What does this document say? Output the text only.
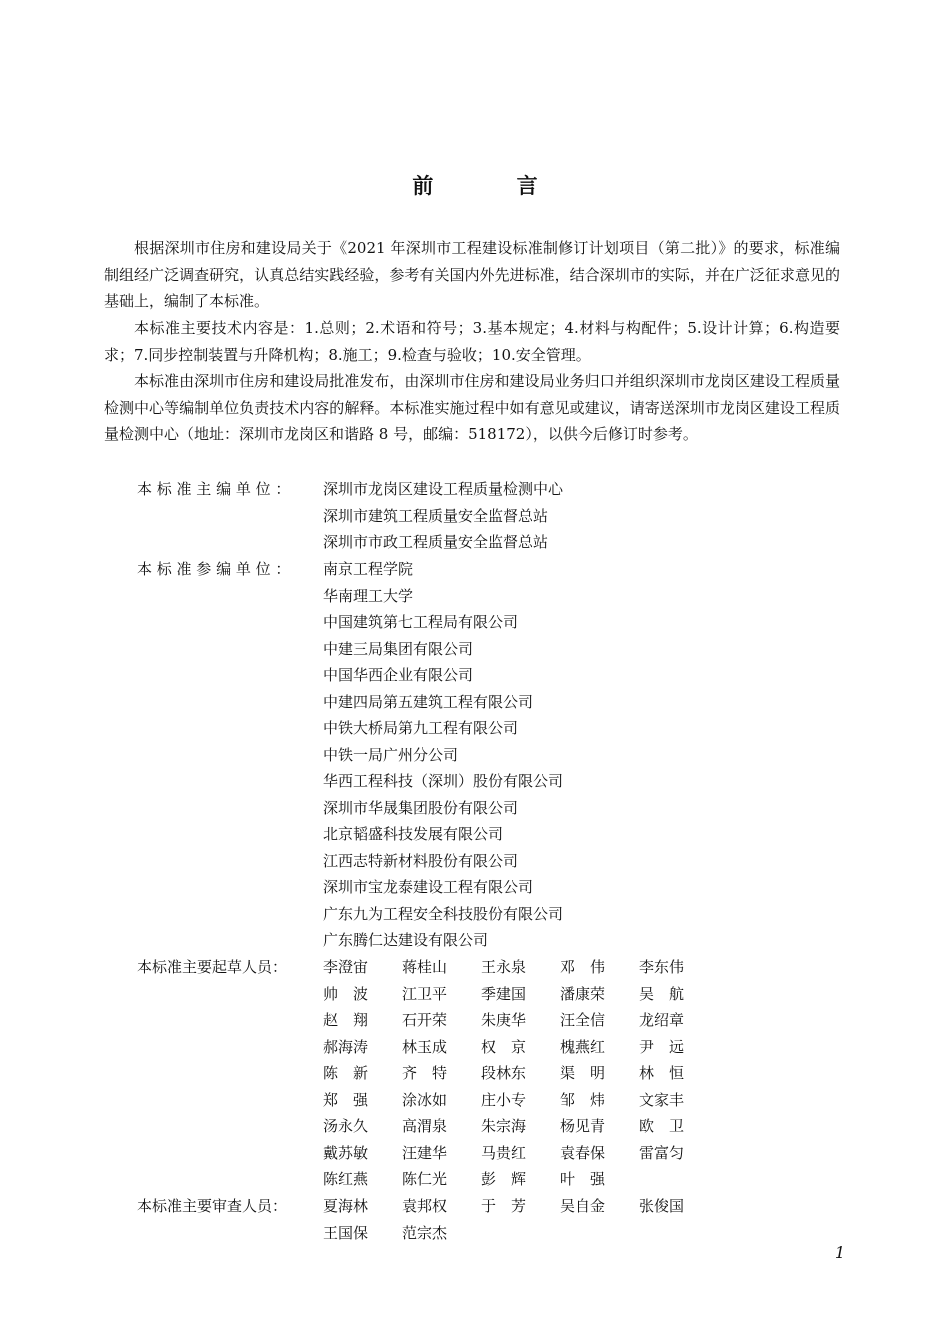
前 言

根据深圳市住房和建设局关于《2021 年深圳市工程建设标准制修订计划项目（第二批）》的要求，标准编制组经广泛调查研究，认真总结实践经验，参考有关国内外先进标准，结合深圳市的实际，并在广泛征求意见的基础上，编制了本标准。

本标准主要技术内容是：1.总则；2.术语和符号；3.基本规定；4.材料与构配件；5.设计计算；6.构造要求；7.同步控制装置与升降机构；8.施工；9.检查与验收；10.安全管理。

本标准由深圳市住房和建设局批准发布，由深圳市住房和建设局业务归口并组织深圳市龙岗区建设工程质量检测中心等编制单位负责技术内容的解释。本标准实施过程中如有意见或建议，请寄送深圳市龙岗区建设工程质量检测中心（地址：深圳市龙岗区和谐路 8 号，邮编：518172），以供今后修订时参考。

本 标 准 主 编 单 位 ： 深圳市龙岗区建设工程质量检测中心
深圳市建筑工程质量安全监督总站
深圳市市政工程质量安全监督总站
本 标 准 参 编 单 位 ： 南京工程学院
华南理工大学
中国建筑第七工程局有限公司
中建三局集团有限公司
中国华西企业有限公司
中建四局第五建筑工程有限公司
中铁大桥局第九工程有限公司
中铁一局广州分公司
华西工程科技（深圳）股份有限公司
深圳市华晟集团股份有限公司
北京韬盛科技发展有限公司
江西志特新材料股份有限公司
深圳市宝龙泰建设工程有限公司
广东九为工程安全科技股份有限公司
广东腾仁达建设有限公司
本标准主要起草人员： 李澄宙	蒋桂山	王永泉	邓　伟	李东伟
帅　波	江卫平	季建国	潘康荣	吴　航
赵　翔	石开荣	朱庚华	汪全信	龙绍章
郝海涛	林玉成	权　京	槐燕红	尹　远
陈　新	齐　特	段林东	渠　明	林　恒
郑　强	涂冰如	庄小专	邹　炜	文家丰
汤永久	高渭泉	朱宗海	杨见青	欧　卫
戴苏敏	汪建华	马贵红	袁春保	雷富匀
陈红燕	陈仁光	彭　辉	叶　强
本标准主要审查人员： 夏海林	袁邦权	于　芳	吴自金	张俊国
王国保	范宗杰
1
